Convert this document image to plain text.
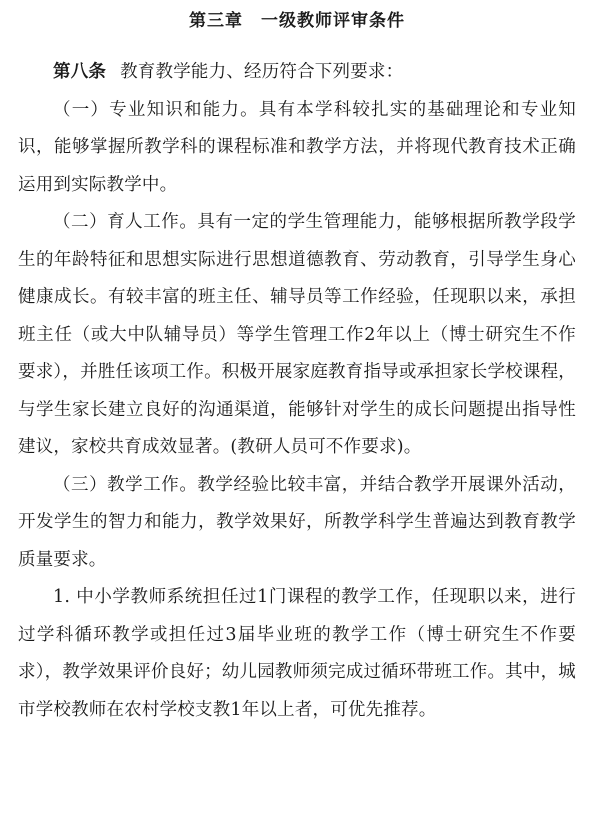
第三章　一级教师评审条件

第八条 教育教学能力、经历符合下列要求：

（一）专业知识和能力。具有本学科较扎实的基础理论和专业知识，能够掌握所教学科的课程标准和教学方法，并将现代教育技术正确运用到实际教学中。

（二）育人工作。具有一定的学生管理能力，能够根据所教学段学生的年龄特征和思想实际进行思想道德教育、劳动教育，引导学生身心健康成长。有较丰富的班主任、辅导员等工作经验，任现职以来，承担班主任（或大中队辅导员）等学生管理工作2年以上（博士研究生不作要求），并胜任该项工作。积极开展家庭教育指导或承担家长学校课程，与学生家长建立良好的沟通渠道，能够针对学生的成长问题提出指导性建议，家校共育成效显著。(教研人员可不作要求)。

（三）教学工作。教学经验比较丰富，并结合教学开展课外活动，开发学生的智力和能力，教学效果好，所教学科学生普遍达到教育教学质量要求。

1. 中小学教师系统担任过1门课程的教学工作，任现职以来，进行过学科循环教学或担任过3届毕业班的教学工作（博士研究生不作要求），教学效果评价良好；幼儿园教师须完成过循环带班工作。其中，城市学校教师在农村学校支教1年以上者，可优先推荐。
